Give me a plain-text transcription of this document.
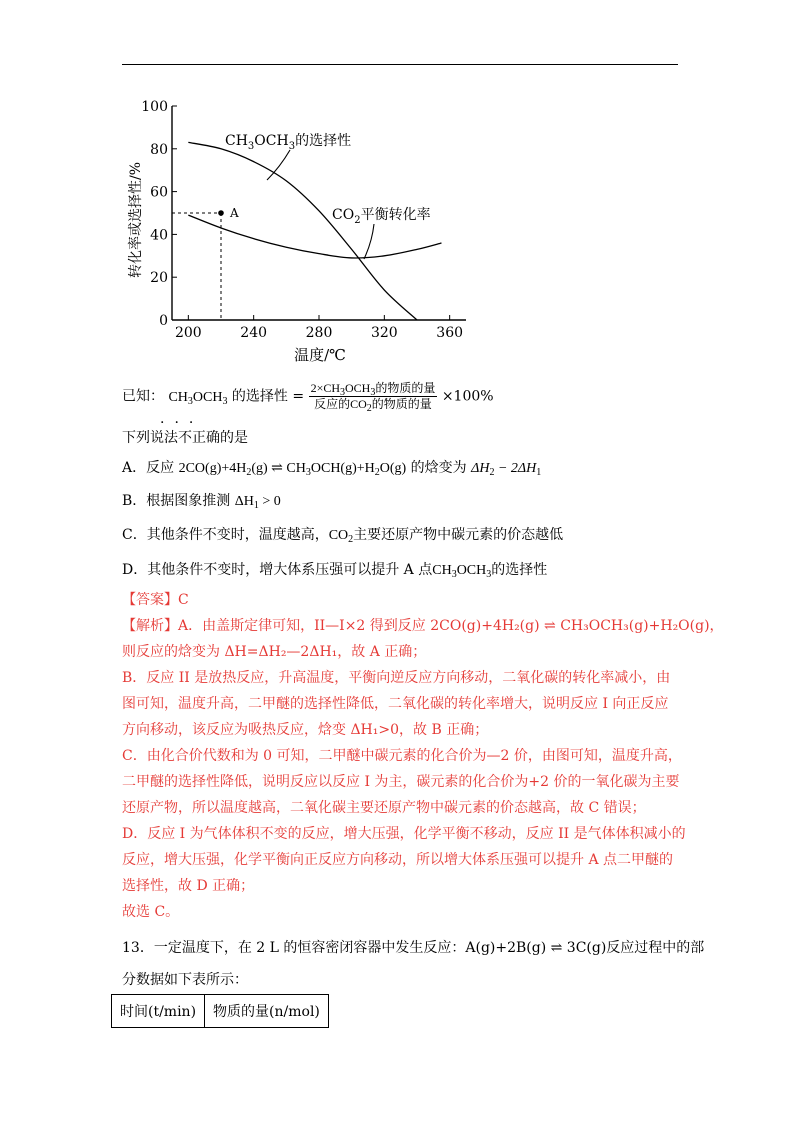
200	240	280	320	360
0
20
40
60
80
100
A
温度/℃
转化率或选择性/%
$CH_3OCH_3$的选择性
$CO_2$平衡转化率
已知： $CH_3OCH_3$ 的选择性 = $\frac{2\times CH_3OCH_3的物质的量}{反应的CO_2的物质的量} \times 100\%$
···
下列说法不正确的是
A．反应 $2CO(g)+4H_2(g)$ ⇌ $CH_3OCH(g)+H_2O(g)$ 的焓变为 $\Delta H_2 - 2\Delta H_1$
B．根据图象推测 $\Delta H_1 > 0$
C．其他条件不变时，温度越高，$CO_2$主要还原产物中碳元素的价态越低
D．其他条件不变时，增大体系压强可以提升 A 点$CH_3OCH_3$的选择性
【答案】C
【解析】A．由盖斯定律可知，II—I×2 得到反应 2CO(g)+4H₂(g) ⇌ CH₃OCH₃(g)+H₂O(g)，
则反应的焓变为 ΔH=ΔH₂—2ΔH₁，故 A 正确；
B．反应 II 是放热反应，升高温度，平衡向逆反应方向移动，二氧化碳的转化率减小，由
图可知，温度升高，二甲醚的选择性降低，二氧化碳的转化率增大，说明反应 I 向正反应
方向移动，该反应为吸热反应，焓变 ΔH₁>0，故 B 正确；
C．由化合价代数和为 0 可知，二甲醚中碳元素的化合价为—2 价，由图可知，温度升高，
二甲醚的选择性降低，说明反应以反应 I 为主，碳元素的化合价为+2 价的一氧化碳为主要
还原产物，所以温度越高，二氧化碳主要还原产物中碳元素的价态越高，故 C 错误；
D．反应 I 为气体体积不变的反应，增大压强，化学平衡不移动，反应 II 是气体体积减小的
反应，增大压强，化学平衡向正反应方向移动，所以增大体系压强可以提升 A 点二甲醚的
选择性，故 D 正确；
故选 C。
13．一定温度下，在 2 L 的恒容密闭容器中发生反应：A(g)+2B(g) ⇌ 3C(g)反应过程中的部
分数据如下表所示：
时间(t/min)	物质的量(n/mol)
